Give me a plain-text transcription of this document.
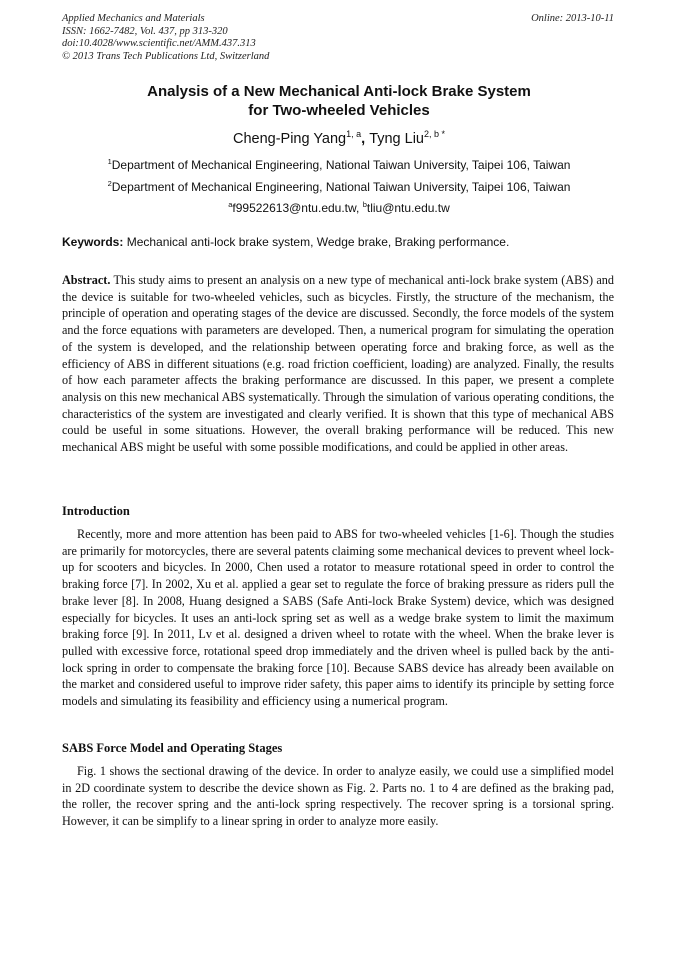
Applied Mechanics and Materials
ISSN: 1662-7482, Vol. 437, pp 313-320
doi:10.4028/www.scientific.net/AMM.437.313
© 2013 Trans Tech Publications Ltd, Switzerland
Online: 2013-10-11
Analysis of a New Mechanical Anti-lock Brake System
for Two-wheeled Vehicles
Cheng-Ping Yang$^{1, a}$, Tyng Liu$^{2, b *}$
$^1$Department of Mechanical Engineering, National Taiwan University, Taipei 106, Taiwan
$^2$Department of Mechanical Engineering, National Taiwan University, Taipei 106, Taiwan
$^a$f99522613@ntu.edu.tw, $^b$tliu@ntu.edu.tw
Keywords: Mechanical anti-lock brake system, Wedge brake, Braking performance.
Abstract. This study aims to present an analysis on a new type of mechanical anti-lock brake system (ABS) and the device is suitable for two-wheeled vehicles, such as bicycles. Firstly, the structure of the mechanism, the principle of operation and operating stages of the device are discussed. Secondly, the force models of the system and the force equations with parameters are developed. Then, a numerical program for simulating the operation of the system is developed, and the relationship between operating force and braking force, as well as the efficiency of ABS in different situations (e.g. road friction coefficient, loading) are analyzed. Finally, the results of how each parameter affects the braking performance are discussed. In this paper, we present a complete analysis on this new mechanical ABS systematically. Through the simulation of various operating conditions, the characteristics of the system are investigated and clearly verified. It is shown that this type of mechanical ABS could be useful in some situations. However, the overall braking performance will be reduced. This new mechanical ABS might be useful with some possible modifications, and could be applied in other areas.
Introduction
Recently, more and more attention has been paid to ABS for two-wheeled vehicles [1-6]. Though the studies are primarily for motorcycles, there are several patents claiming some mechanical devices to prevent wheel lock-up for scooters and bicycles. In 2000, Chen used a rotator to measure rotational speed in order to control the braking force [7]. In 2002, Xu et al. applied a gear set to regulate the force of braking pressure as riders pull the brake lever [8]. In 2008, Huang designed a SABS (Safe Anti-lock Brake System) device, which was designed especially for bicycles. It uses an anti-lock spring set as well as a wedge brake system to limit the maximum braking force [9]. In 2011, Lv et al. designed a driven wheel to rotate with the wheel. When the brake lever is pulled with excessive force, rotational speed drop immediately and the driven wheel is pulled back by the anti-lock spring in order to compensate the braking force [10]. Because SABS device has already been available on the market and considered useful to improve rider safety, this paper aims to identify its principle by setting force models and simulating its feasibility and efficiency using a numerical program.
SABS Force Model and Operating Stages
Fig. 1 shows the sectional drawing of the device. In order to analyze easily, we could use a simplified model in 2D coordinate system to describe the device shown as Fig. 2. Parts no. 1 to 4 are defined as the braking pad, the roller, the recover spring and the anti-lock spring respectively. The recover spring is a torsional spring. However, it can be simplify to a linear spring in order to analyze more easily.
